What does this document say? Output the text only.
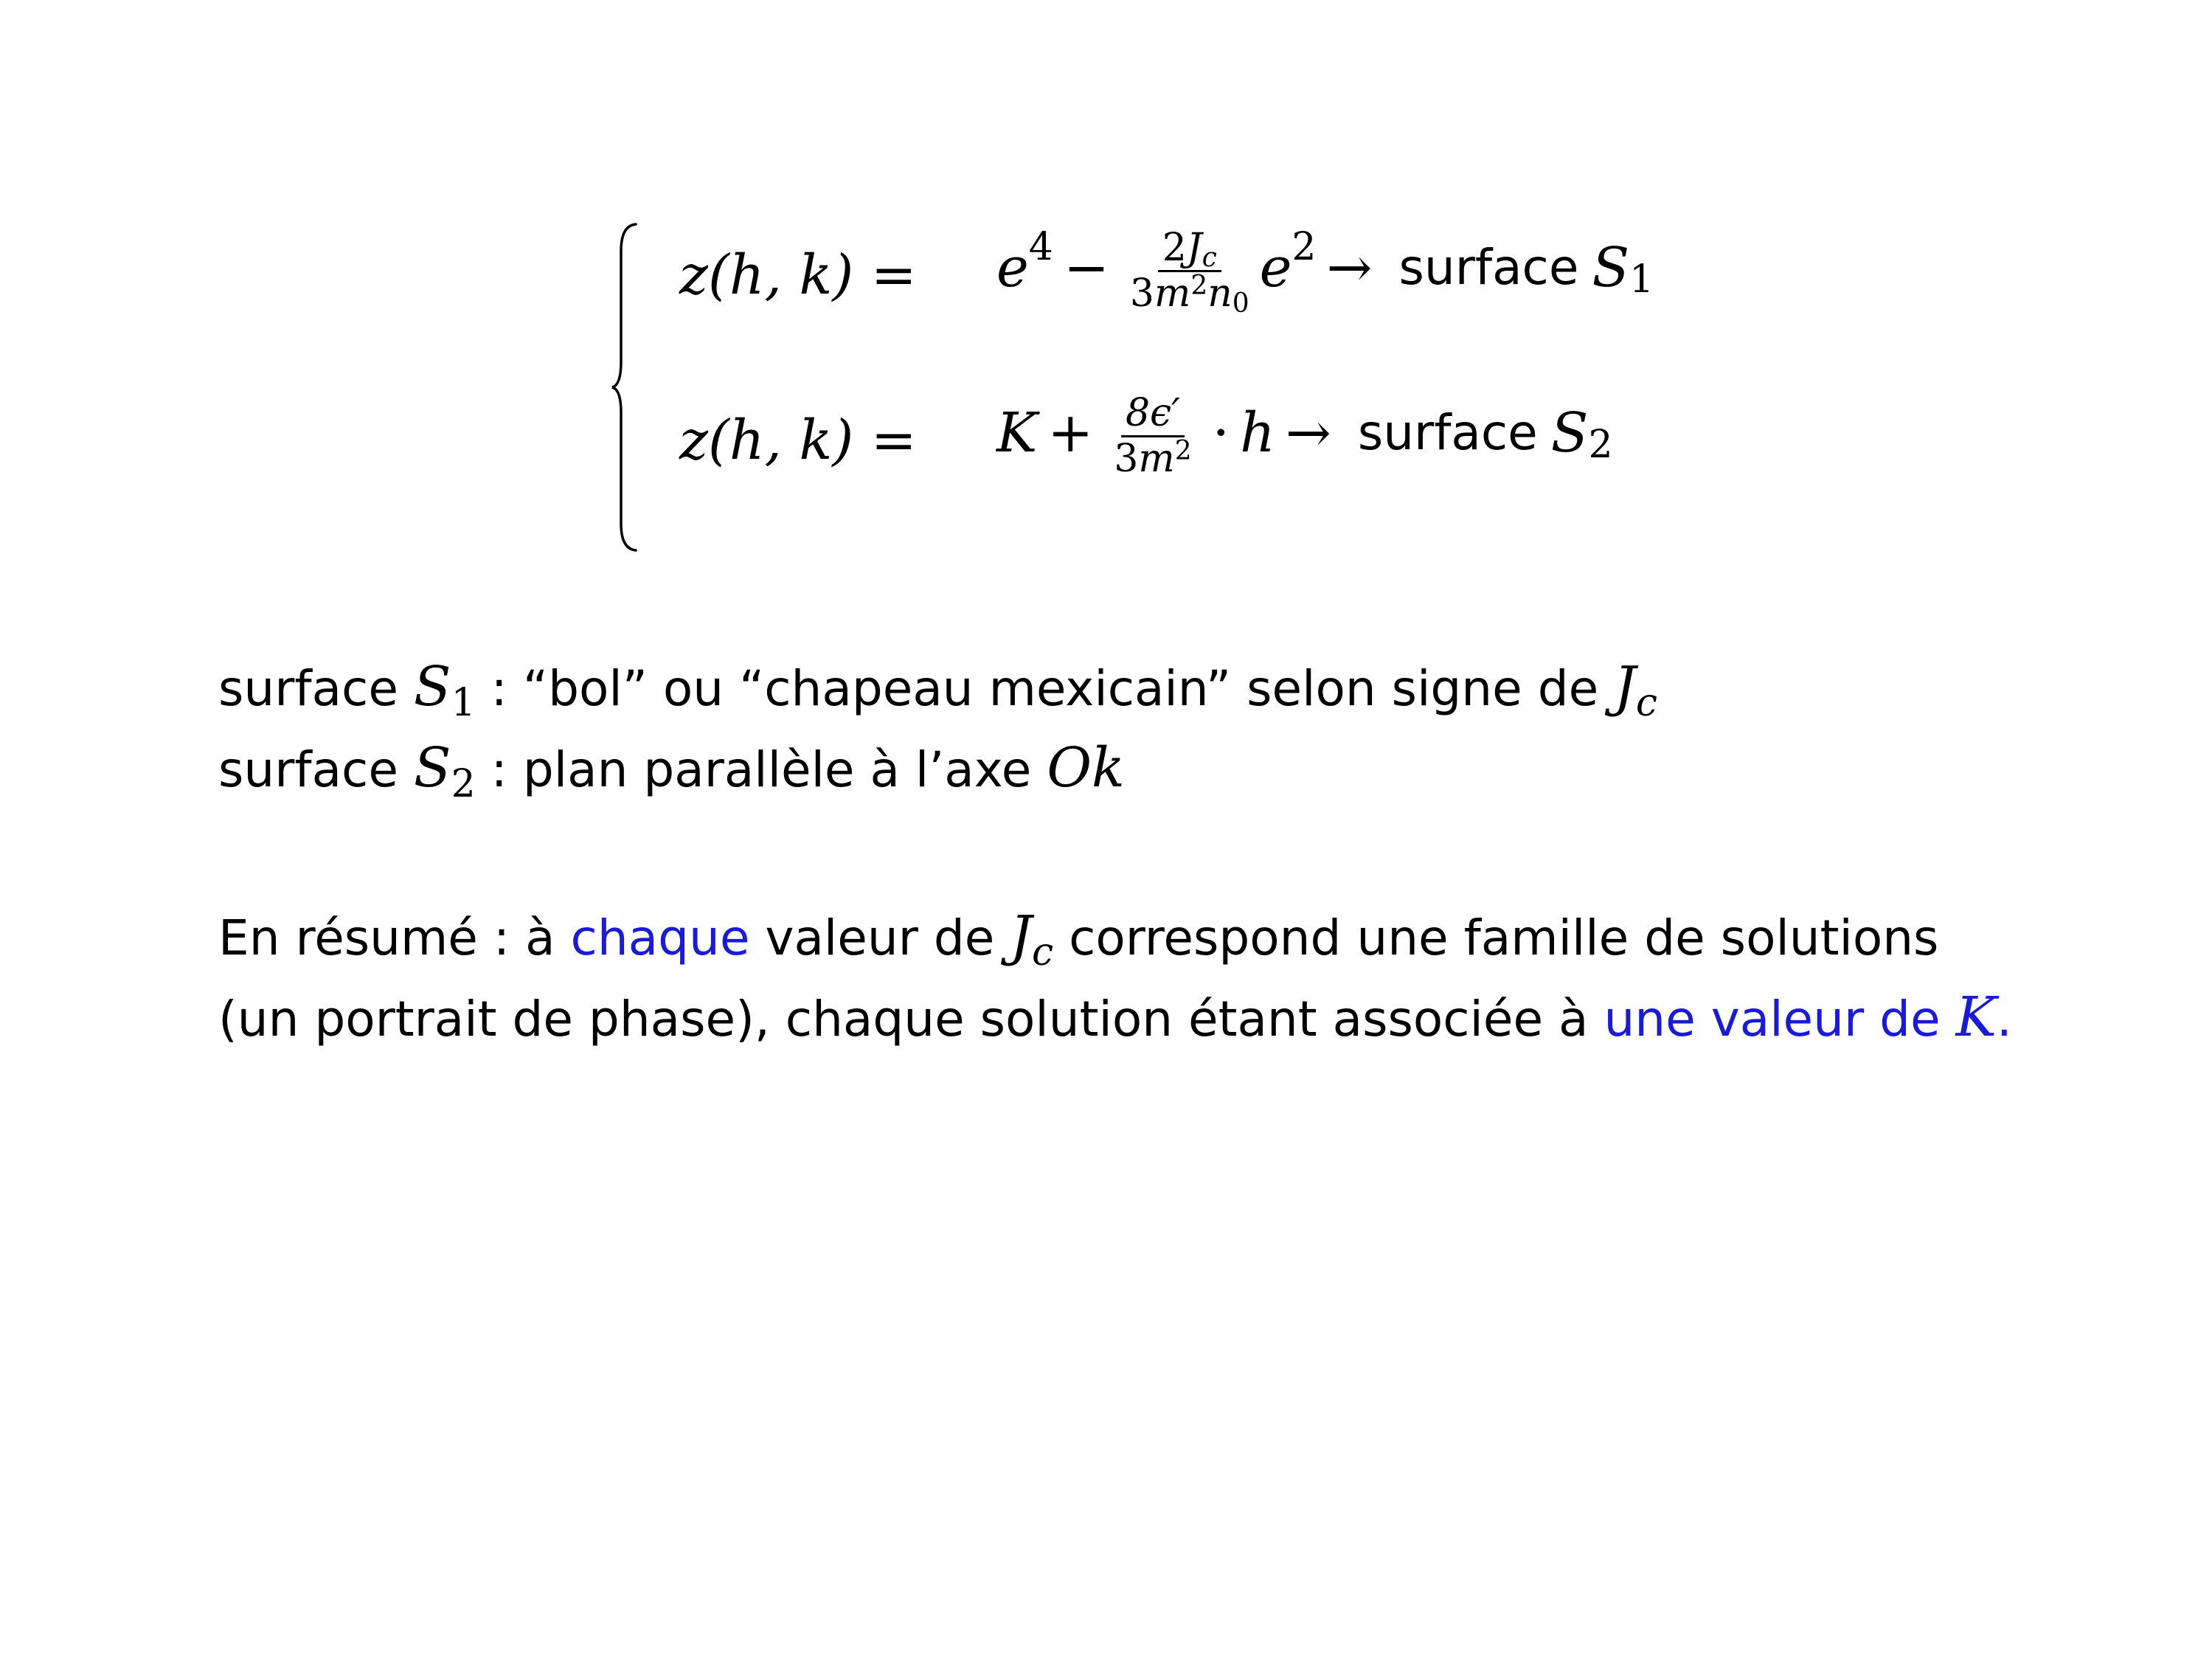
z(h, k) = e $4 - \frac{2Jc}{3m^2n0}$ e 2 → surface S 1
z(h, $k) = K + \frac{8\epsilon'}{3m^2} \cdot h$ → surface S 2
surface $S_1$ : “bol” ou “chapeau mexicain” selon signe de $J_c$
surface $S_2$ : plan parallèle à l’axe Ok
En résumé : à chaque valeur de $J_c$ correspond une famille de solutions
(un portrait de phase), chaque solution étant associée à une valeur de K.
